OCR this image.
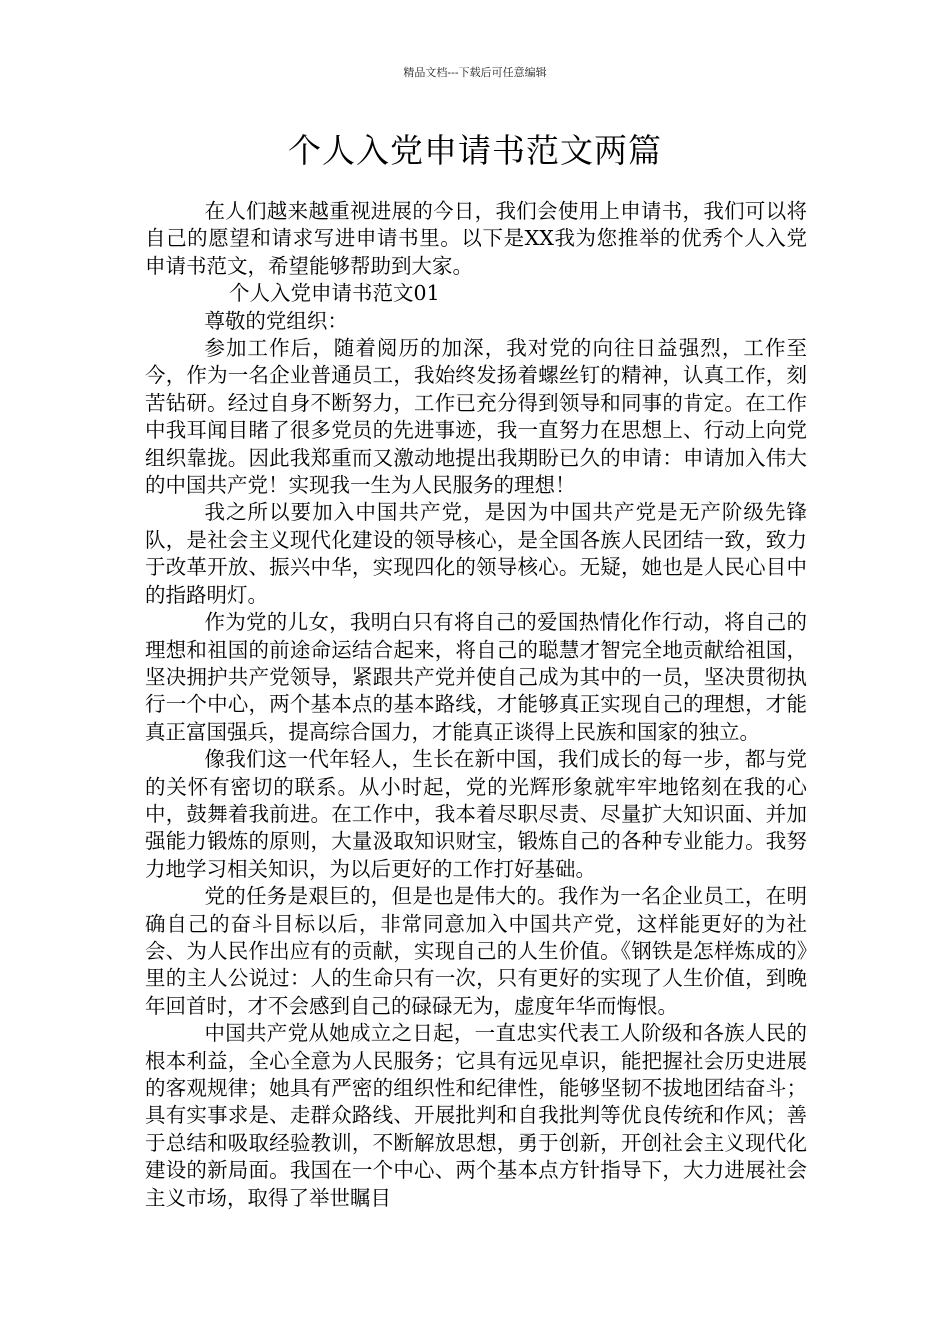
精品文档---下载后可任意编辑
个人入党申请书范文两篇

在人们越来越重视进展的今日，我们会使用上申请书，我们可以将自己的愿望和请求写进申请书里。以下是XX我为您推举的优秀个人入党申请书范文，希望能够帮助到大家。

个人入党申请书范文01

尊敬的党组织：

参加工作后，随着阅历的加深，我对党的向往日益强烈，工作至今，作为一名企业普通员工，我始终发扬着螺丝钉的精神，认真工作，刻苦钻研。经过自身不断努力，工作已充分得到领导和同事的肯定。在工作中我耳闻目睹了很多党员的先进事迹，我一直努力在思想上、行动上向党组织靠拢。因此我郑重而又激动地提出我期盼已久的申请：申请加入伟大的中国共产党！实现我一生为人民服务的理想！

我之所以要加入中国共产党，是因为中国共产党是无产阶级先锋队，是社会主义现代化建设的领导核心，是全国各族人民团结一致，致力于改革开放、振兴中华，实现四化的领导核心。无疑，她也是人民心目中的指路明灯。

作为党的儿女，我明白只有将自己的爱国热情化作行动，将自己的理想和祖国的前途命运结合起来，将自己的聪慧才智完全地贡献给祖国，坚决拥护共产党领导，紧跟共产党并使自己成为其中的一员，坚决贯彻执行一个中心，两个基本点的基本路线，才能够真正实现自己的理想，才能真正富国强兵，提高综合国力，才能真正谈得上民族和国家的独立。

像我们这一代年轻人，生长在新中国，我们成长的每一步，都与党的关怀有密切的联系。从小时起，党的光辉形象就牢牢地铭刻在我的心中，鼓舞着我前进。在工作中，我本着尽职尽责、尽量扩大知识面、并加强能力锻炼的原则，大量汲取知识财宝，锻炼自己的各种专业能力。我努力地学习相关知识，为以后更好的工作打好基础。

党的任务是艰巨的，但是也是伟大的。我作为一名企业员工，在明确自己的奋斗目标以后，非常同意加入中国共产党，这样能更好的为社会、为人民作出应有的贡献，实现自己的人生价值。《钢铁是怎样炼成的》里的主人公说过：人的生命只有一次，只有更好的实现了人生价值，到晚年回首时，才不会感到自己的碌碌无为，虚度年华而悔恨。

中国共产党从她成立之日起，一直忠实代表工人阶级和各族人民的根本利益，全心全意为人民服务；它具有远见卓识，能把握社会历史进展的客观规律；她具有严密的组织性和纪律性，能够坚韧不拔地团结奋斗；具有实事求是、走群众路线、开展批判和自我批判等优良传统和作风；善于总结和吸取经验教训，不断解放思想，勇于创新，开创社会主义现代化建设的新局面。我国在一个中心、两个基本点方针指导下，大力进展社会主义市场，取得了举世瞩目
